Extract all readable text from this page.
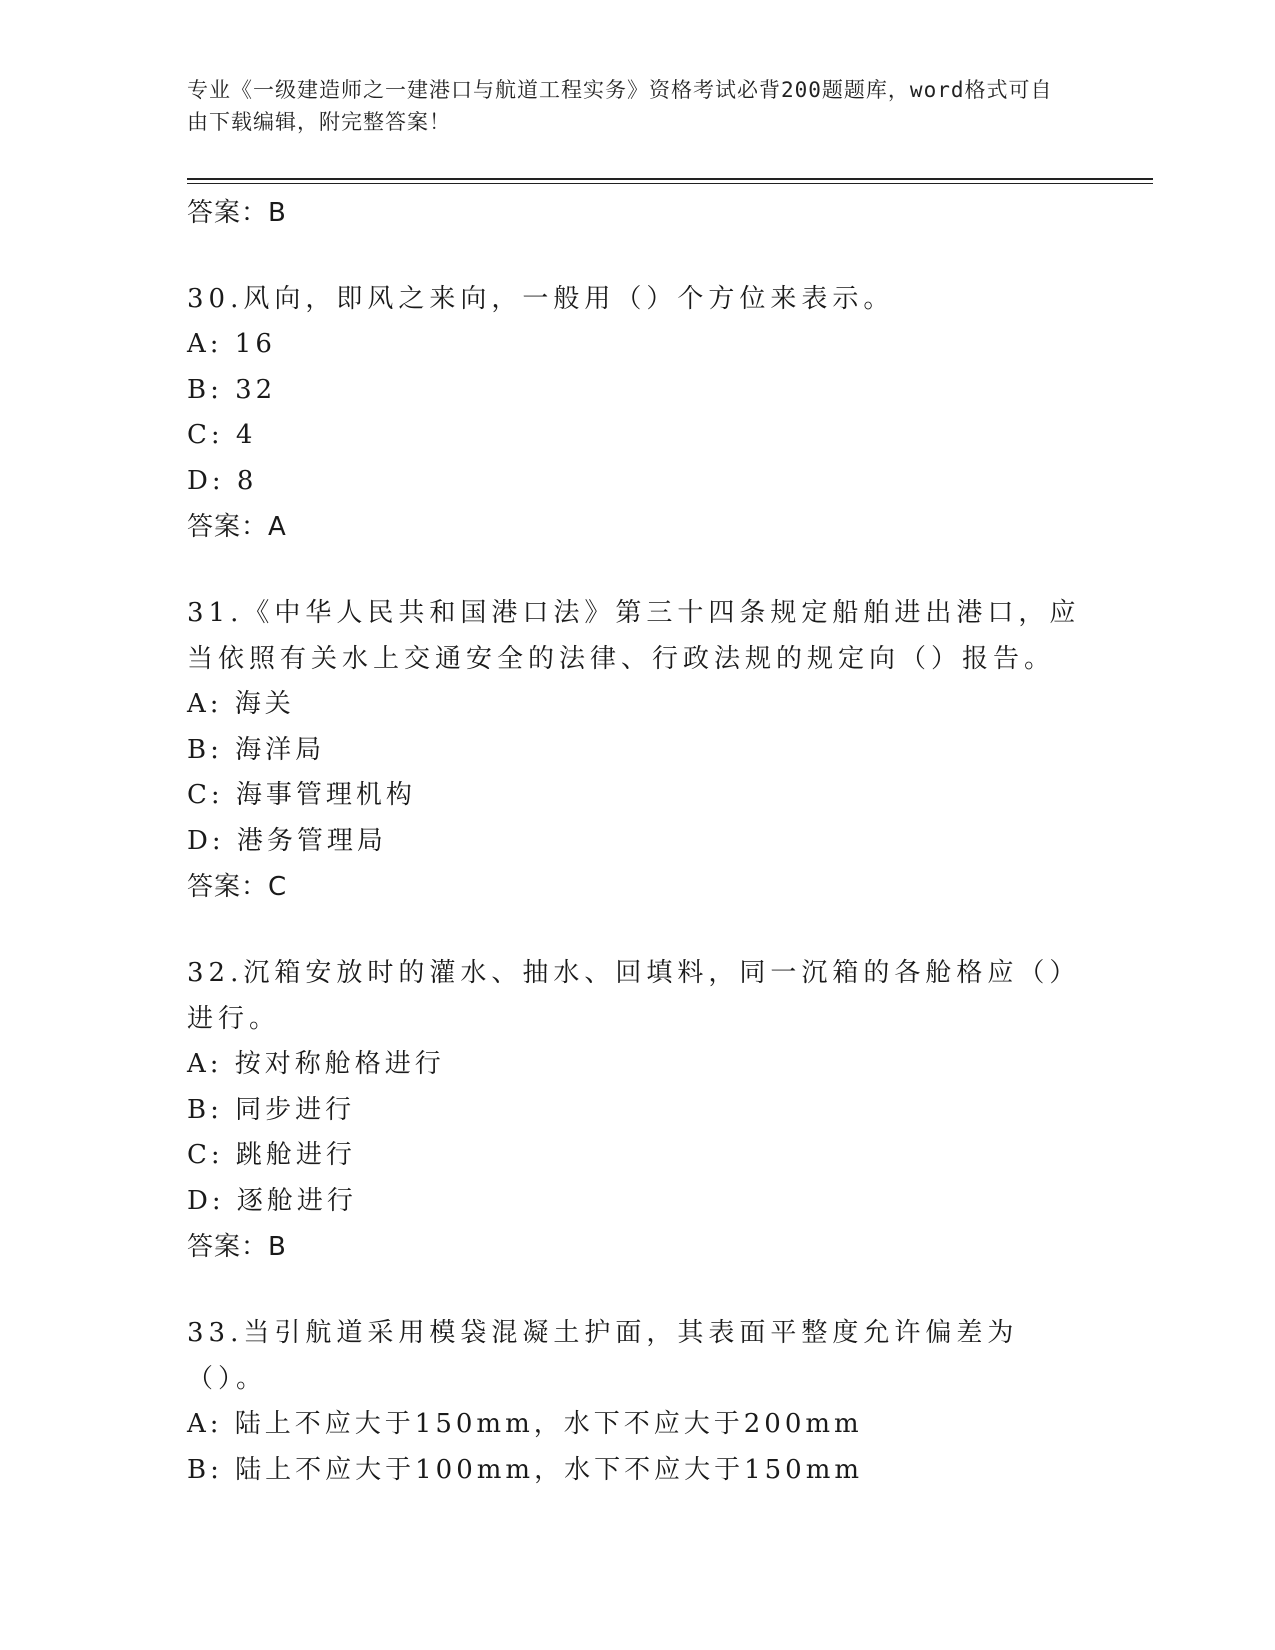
专业《一级建造师之一建港口与航道工程实务》资格考试必背200题题库，word格式可自由下载编辑，附完整答案！
答案：B
30.风向，即风之来向，一般用（）个方位来表示。
A: 16
B: 32
C: 4
D: 8
答案：A
31.《中华人民共和国港口法》第三十四条规定船舶进出港口，应当依照有关水上交通安全的法律、行政法规的规定向（）报告。
A: 海关
B: 海洋局
C: 海事管理机构
D: 港务管理局
答案：C
32.沉箱安放时的灌水、抽水、回填料，同一沉箱的各舱格应（）进行。
A: 按对称舱格进行
B: 同步进行
C: 跳舱进行
D: 逐舱进行
答案：B
33.当引航道采用模袋混凝土护面，其表面平整度允许偏差为（）。
A: 陆上不应大于150mm，水下不应大于200mm
B: 陆上不应大于100mm，水下不应大于150mm
